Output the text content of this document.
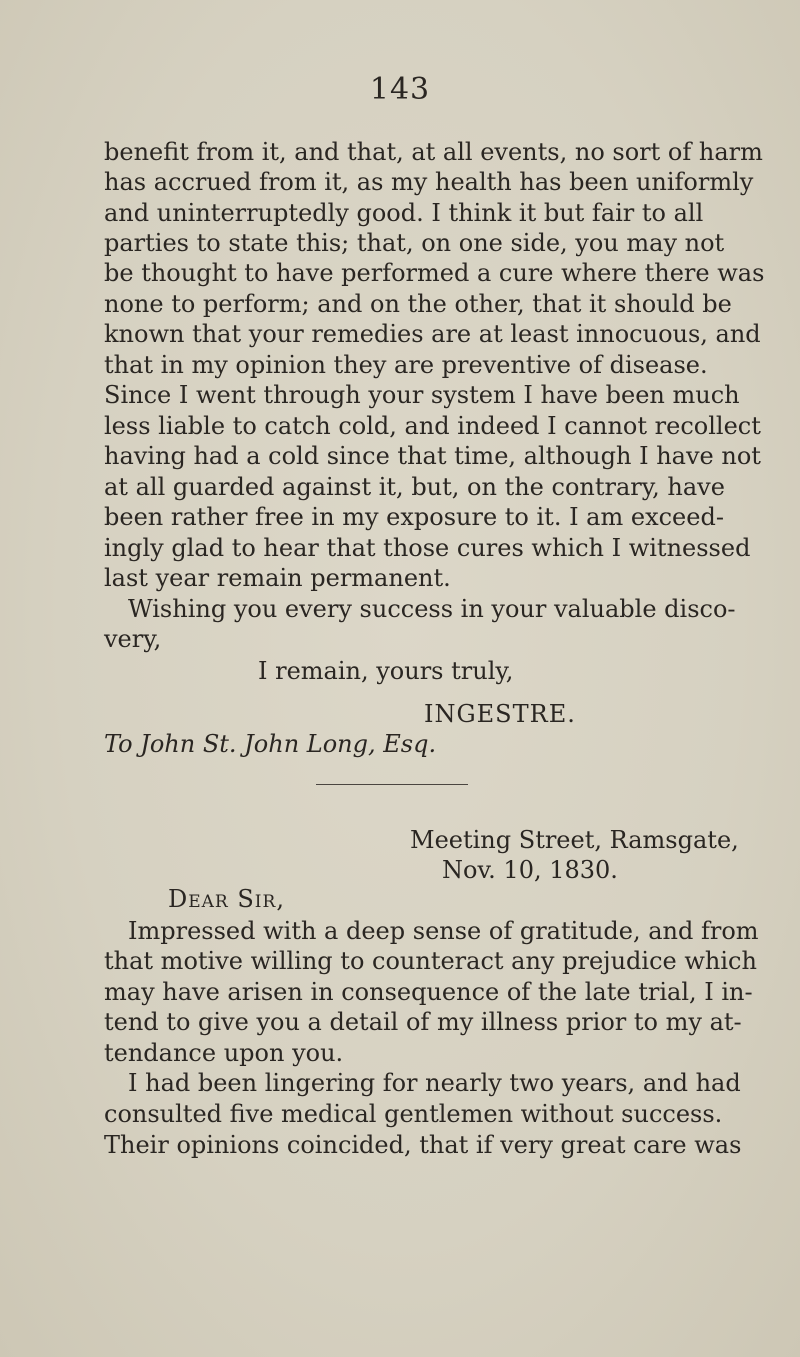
143
benefit from it, and that, at all events, no sort of harm
has accrued from it, as my health has been uniformly
and uninterruptedly good. I think it but fair to all
parties to state this; that, on one side, you may not
be thought to have performed a cure where there was
none to perform; and on the other, that it should be
known that your remedies are at least innocuous, and
that in my opinion they are preventive of disease.
Since I went through your system I have been much
less liable to catch cold, and indeed I cannot recollect
having had a cold since that time, although I have not
at all guarded against it, but, on the contrary, have
been rather free in my exposure to it. I am exceed-
ingly glad to hear that those cures which I witnessed
last year remain permanent.
Wishing you every success in your valuable disco-
very,
I remain, yours truly,
INGESTRE.
To John St. John Long, Esq.
Meeting Street, Ramsgate,
Nov. 10, 1830.
Dear Sir,
Impressed with a deep sense of gratitude, and from
that motive willing to counteract any prejudice which
may have arisen in consequence of the late trial, I in-
tend to give you a detail of my illness prior to my at-
tendance upon you.
I had been lingering for nearly two years, and had
consulted five medical gentlemen without success.
Their opinions coincided, that if very great care was
